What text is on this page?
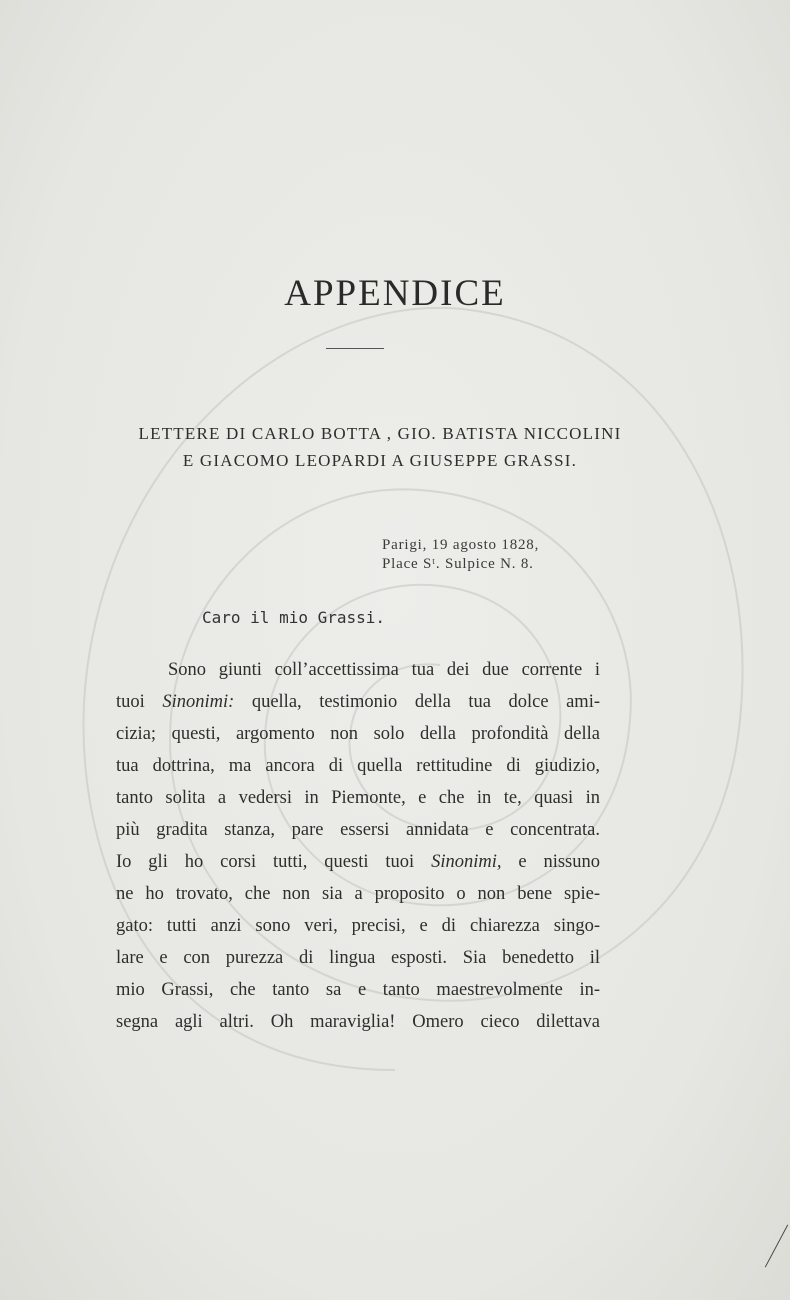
APPENDICE
LETTERE DI CARLO BOTTA , GIO. BATISTA NICCOLINI
E GIACOMO LEOPARDI A GIUSEPPE GRASSI.
Parigi, 19 agosto 1828,
Place Sᵗ. Sulpice N. 8.
Caro il mio Grassi.
Sono giunti coll’accettissima tua dei due corrente i
tuoi Sinonimi: quella, testimonio della tua dolce ami-
cizia; questi, argomento non solo della profondità della
tua dottrina, ma ancora di quella rettitudine di giudizio,
tanto solita a vedersi in Piemonte, e che in te, quasi in
più gradita stanza, pare essersi annidata e concentrata.
Io gli ho corsi tutti, questi tuoi Sinonimi, e nissuno
ne ho trovato, che non sia a proposito o non bene spie-
gato: tutti anzi sono veri, precisi, e di chiarezza singo-
lare e con purezza di lingua esposti. Sia benedetto il
mio Grassi, che tanto sa e tanto maestrevolmente in-
segna agli altri. Oh maraviglia! Omero cieco dilettava
